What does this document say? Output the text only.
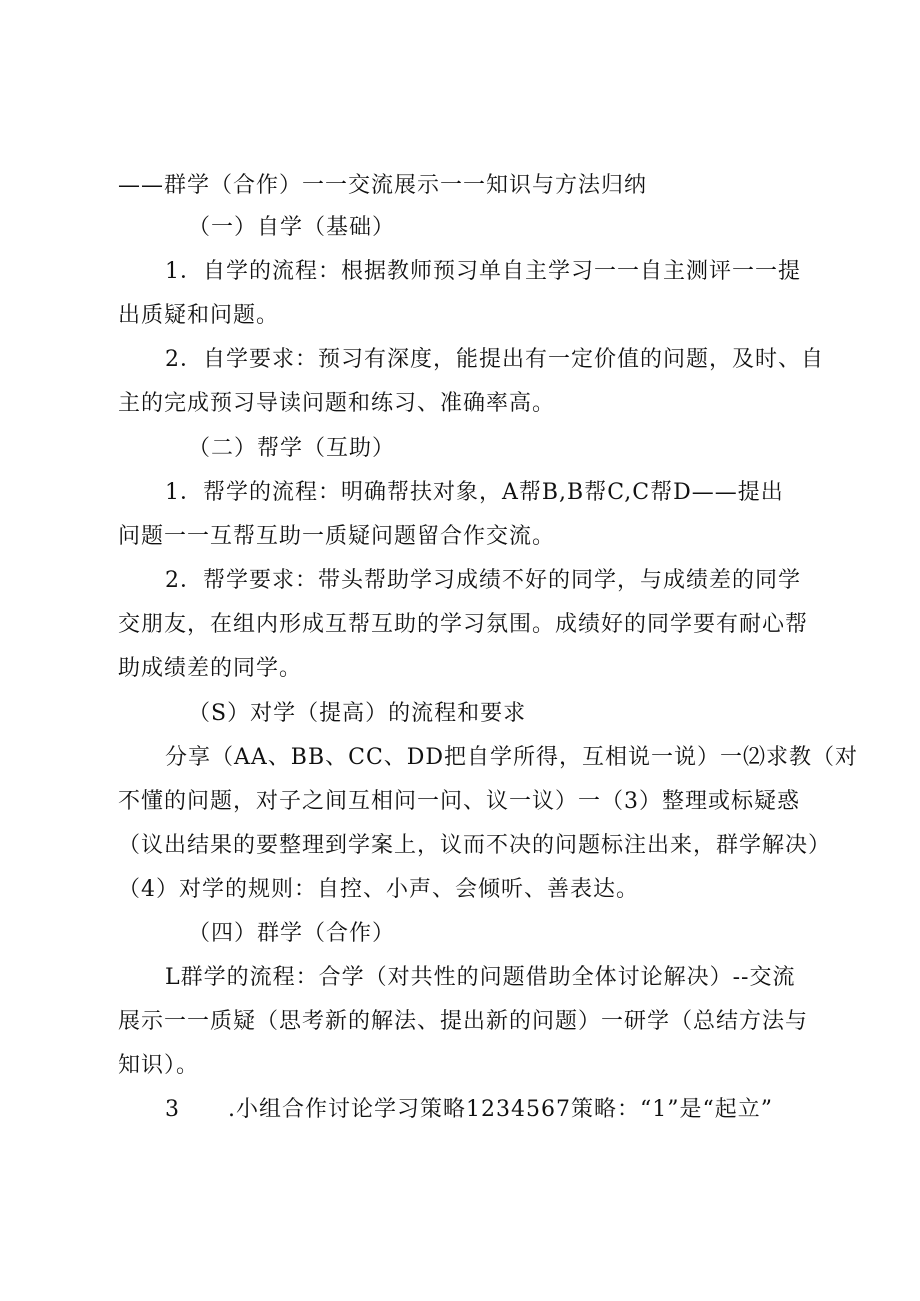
——群学（合作）一一交流展示一一知识与方法归纳
（一）自学（基础）
1．自学的流程：根据教师预习单自主学习一一自主测评一一提
出质疑和问题。
2．自学要求：预习有深度，能提出有一定价值的问题，及时、自
主的完成预习导读问题和练习、准确率高。
（二）帮学（互助）
1．帮学的流程：明确帮扶对象，A帮B,B帮C,C帮D——提出
问题一一互帮互助一质疑问题留合作交流。
2．帮学要求：带头帮助学习成绩不好的同学，与成绩差的同学
交朋友，在组内形成互帮互助的学习氛围。成绩好的同学要有耐心帮
助成绩差的同学。
（S）对学（提高）的流程和要求
分享（AA、BB、CC、DD把自学所得，互相说一说）一⑵求教（对
不懂的问题，对子之间互相问一问、议一议）一（3）整理或标疑惑
（议出结果的要整理到学案上，议而不决的问题标注出来，群学解决）
（4）对学的规则：自控、小声、会倾听、善表达。
（四）群学（合作）
L群学的流程：合学（对共性的问题借助全体讨论解决）--交流
展示一一质疑（思考新的解法、提出新的问题）一研学（总结方法与
知识）。
3 .小组合作讨论学习策略1234567策略：“1”是“起立”
